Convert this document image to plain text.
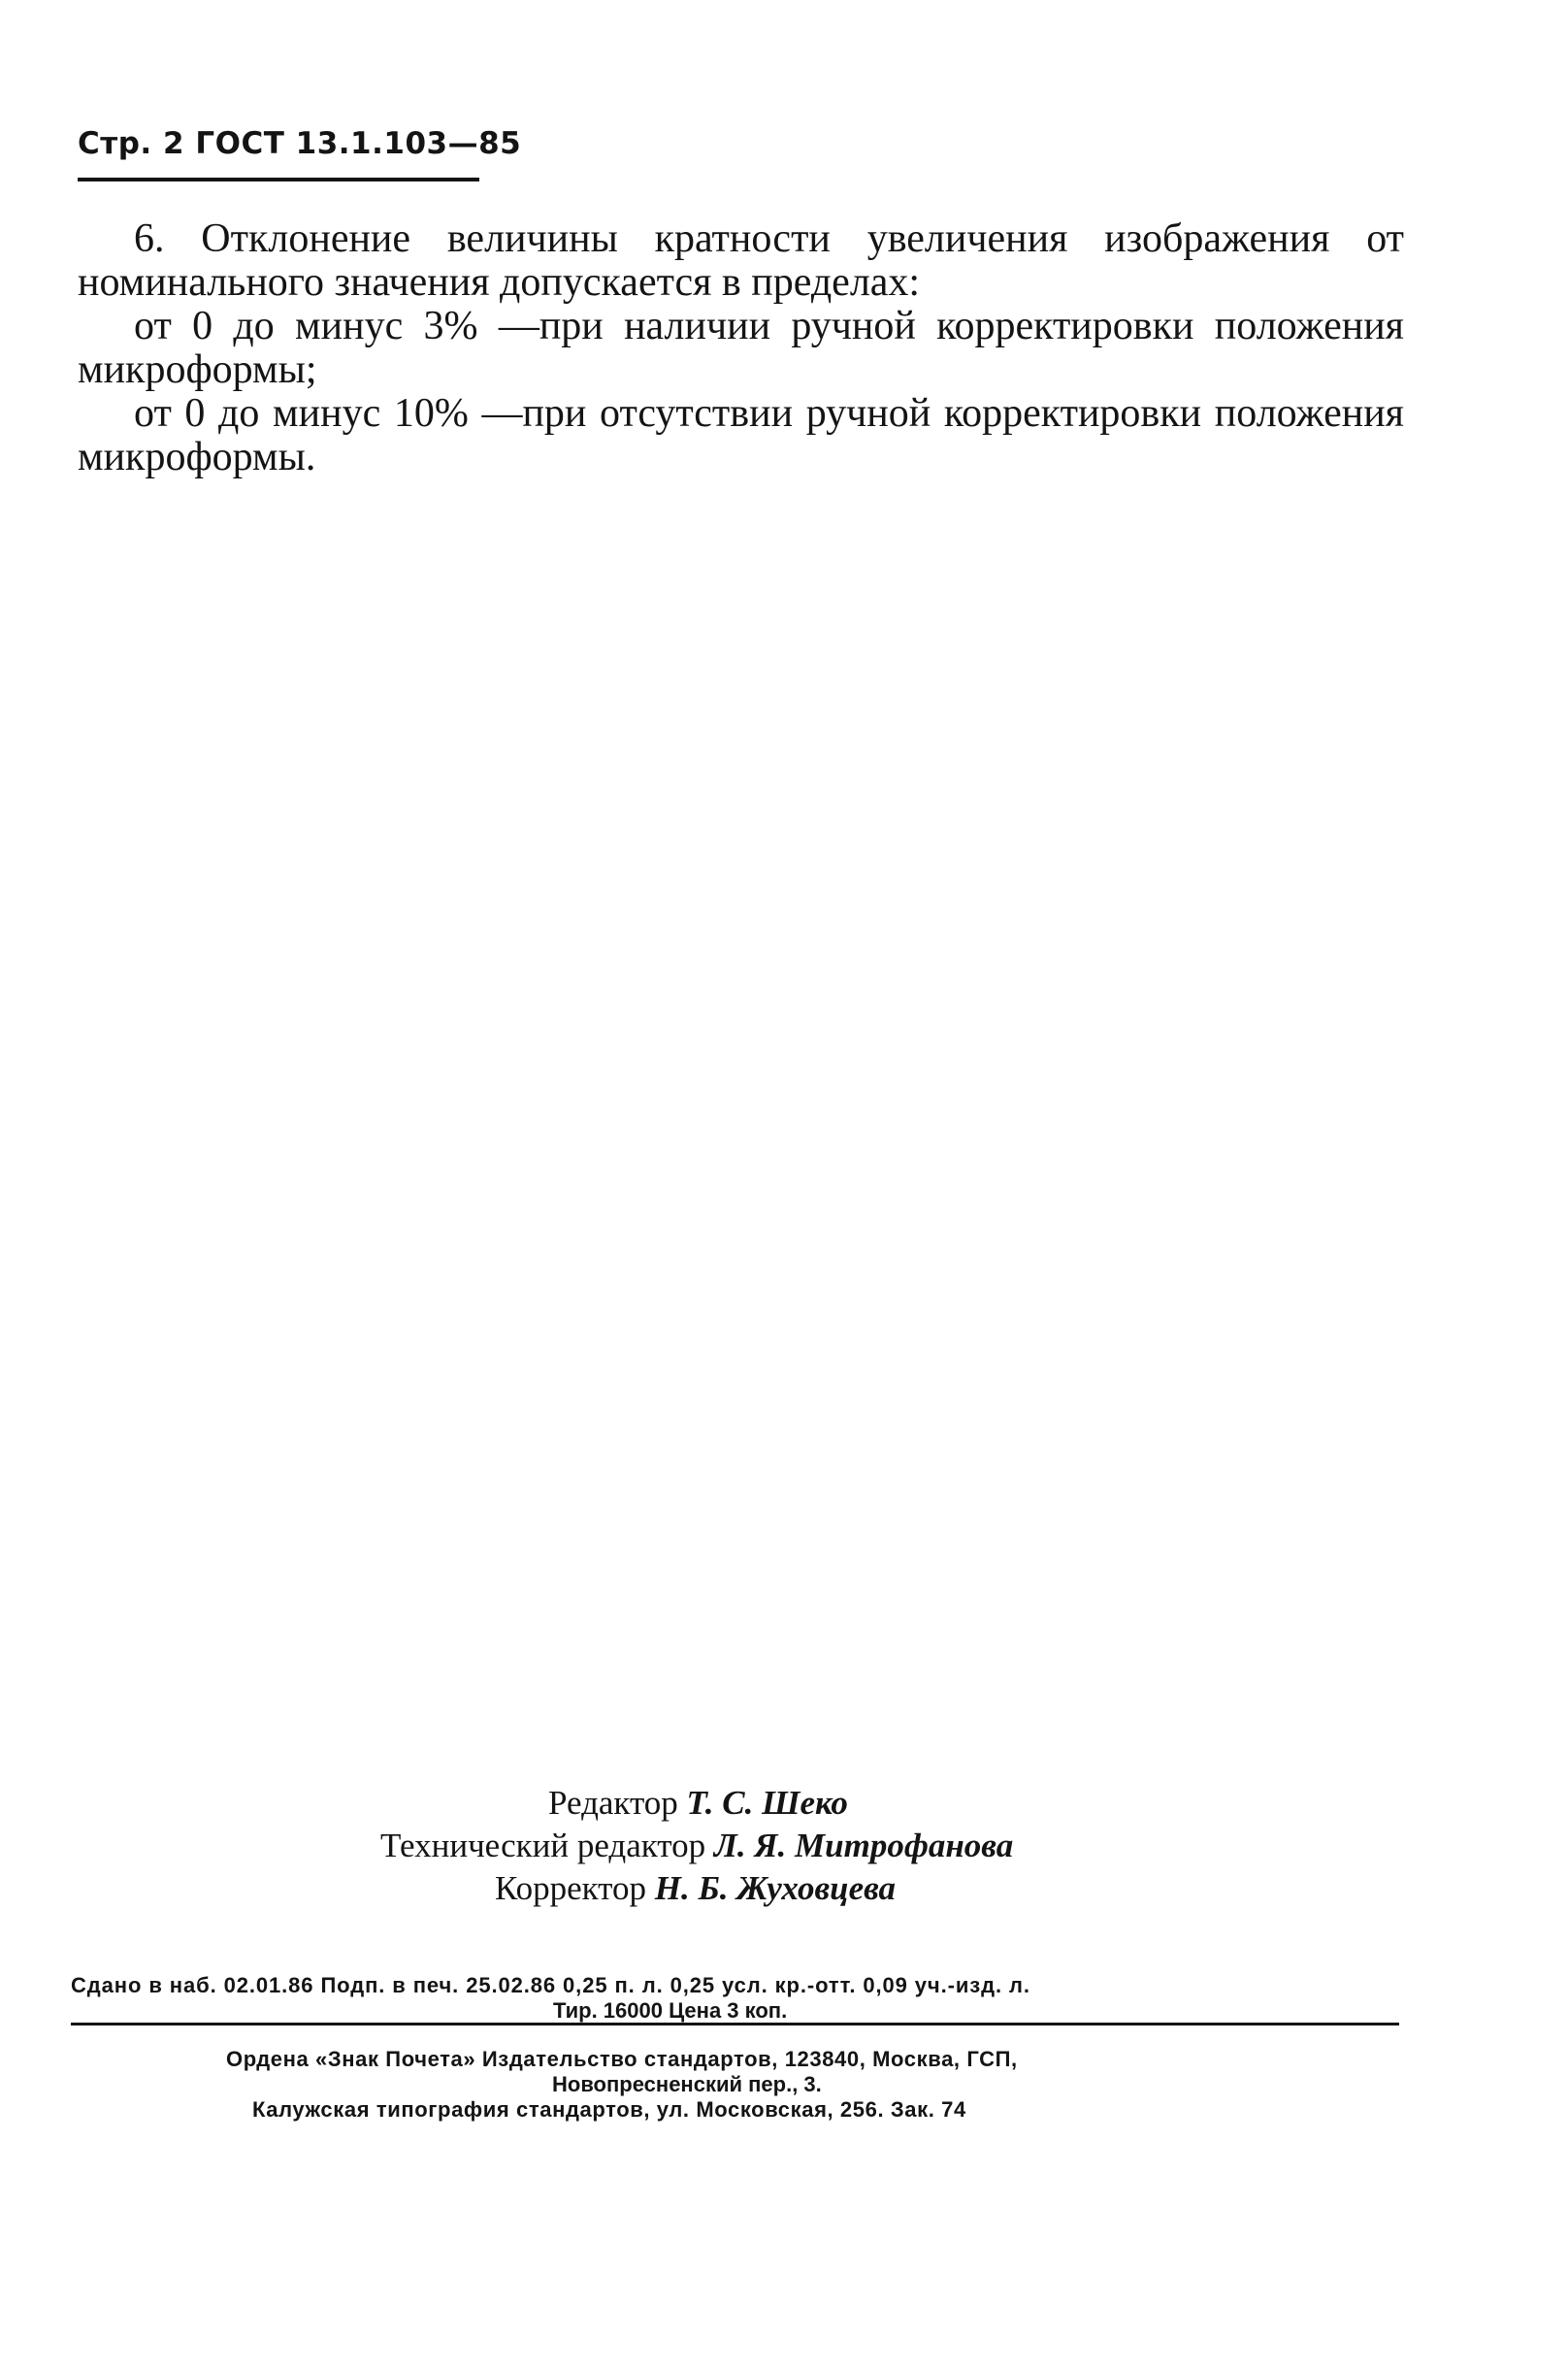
Стр. 2 ГОСТ 13.1.103—85

6. Отклонение величины кратности увеличения изображения от номинального значения допускается в пределах:

от 0 до минус 3% —при наличии ручной корректировки положения микроформы;

от 0 до минус 10% —при отсутствии ручной корректировки положения микроформы.

Редактор Т. С. Шеко
Технический редактор Л. Я. Митрофанова
Корректор Н. Б. Жуховцева
Сдано в наб. 02.01.86 Подп. в печ. 25.02.86 0,25 п. л. 0,25 усл. кр.-отт. 0,09 уч.-изд. л.
Тир. 16000 Цена 3 коп.
Ордена «Знак Почета» Издательство стандартов, 123840, Москва, ГСП,
Новопресненский пер., 3.
Калужская типография стандартов, ул. Московская, 256. Зак. 74
